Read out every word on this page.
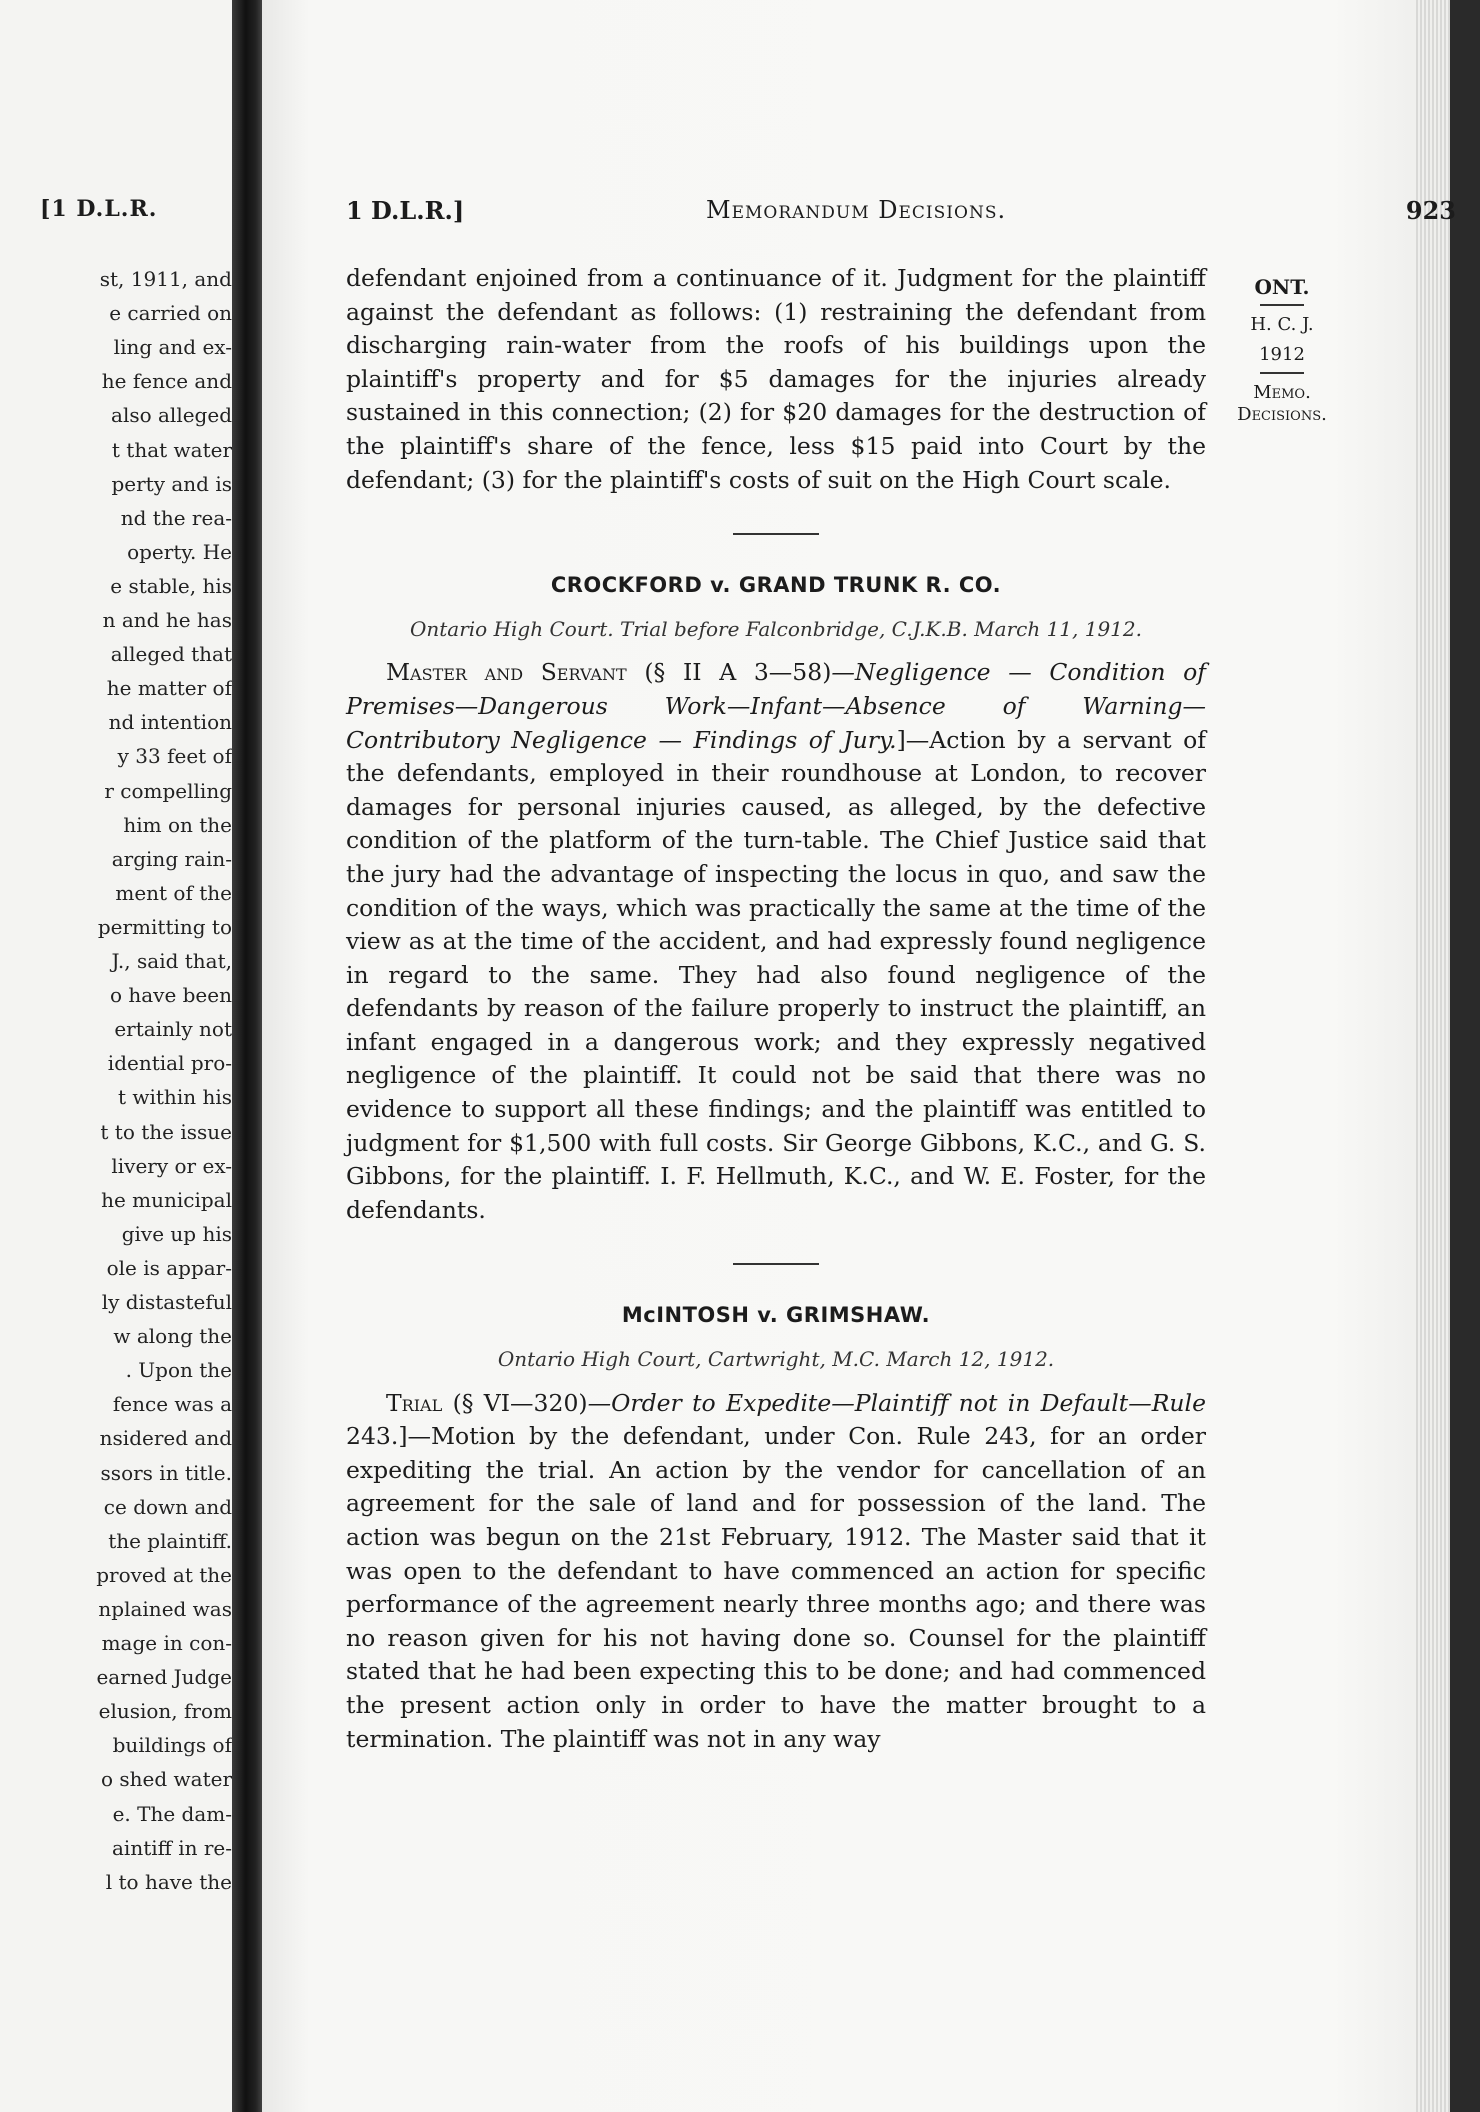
[1 D.L.R.
st, 1911, and
e carried on
ling and ex-
he fence and
also alleged
t that water
perty and is
nd the rea-
operty. He
e stable, his
n and he has
alleged that
he matter of
nd intention
y 33 feet of
r compelling
him on the
arging rain-
ment of the
permitting to
J., said that,
o have been
ertainly not
idential pro-
t within his
t to the issue
livery or ex-
he municipal
give up his
ole is appar-
ly distasteful
w along the
. Upon the
fence was a
nsidered and
ssors in title.
ce down and
the plaintiff.
proved at the
nplained was
mage in con-
earned Judge
elusion, from
buildings of
o shed water
e. The dam-
aintiff in re-
l to have the
1 D.L.R.]	Memorandum Decisions.	923
ONT.
H. C. J.
1912
Memo.
Decisions.

defendant enjoined from a continuance of it. Judgment for the plaintiff against the defendant as follows: (1) restraining the defendant from discharging rain-water from the roofs of his buildings upon the plaintiff's property and for $5 damages for the injuries already sustained in this connection; (2) for $20 damages for the destruction of the plaintiff's share of the fence, less $15 paid into Court by the defendant; (3) for the plaintiff's costs of suit on the High Court scale.

CROCKFORD v. GRAND TRUNK R. CO.
Ontario High Court. Trial before Falconbridge, C.J.K.B. March 11, 1912.

Master and Servant (§ II A 3—58)—Negligence — Condition of Premises—Dangerous Work—Infant—Absence of Warning—Contributory Negligence — Findings of Jury.]—Action by a servant of the defendants, employed in their roundhouse at London, to recover damages for personal injuries caused, as alleged, by the defective condition of the platform of the turn-table. The Chief Justice said that the jury had the advantage of inspecting the locus in quo, and saw the condition of the ways, which was practically the same at the time of the view as at the time of the accident, and had expressly found negligence in regard to the same. They had also found negligence of the defendants by reason of the failure properly to instruct the plaintiff, an infant engaged in a dangerous work; and they expressly negatived negligence of the plaintiff. It could not be said that there was no evidence to support all these findings; and the plaintiff was entitled to judgment for $1,500 with full costs. Sir George Gibbons, K.C., and G. S. Gibbons, for the plaintiff. I. F. Hellmuth, K.C., and W. E. Foster, for the defendants.

McINTOSH v. GRIMSHAW.
Ontario High Court, Cartwright, M.C. March 12, 1912.

Trial (§ VI—320)—Order to Expedite—Plaintiff not in Default—Rule 243.]—Motion by the defendant, under Con. Rule 243, for an order expediting the trial. An action by the vendor for cancellation of an agreement for the sale of land and for possession of the land. The action was begun on the 21st February, 1912. The Master said that it was open to the defendant to have commenced an action for specific performance of the agreement nearly three months ago; and there was no reason given for his not having done so. Counsel for the plaintiff stated that he had been expecting this to be done; and had commenced the present action only in order to have the matter brought to a termination. The plaintiff was not in any way
